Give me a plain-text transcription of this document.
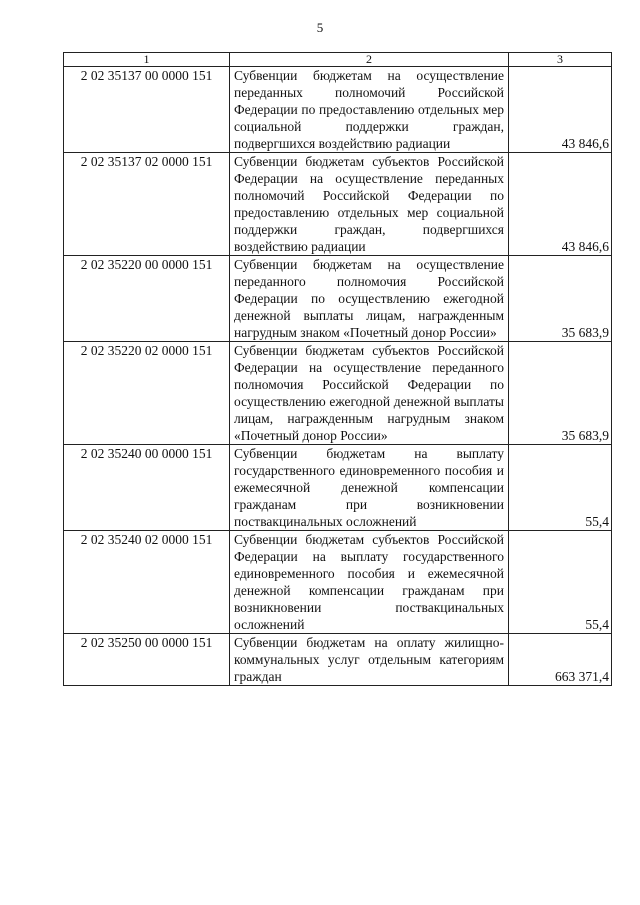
5
1	2	3
2 02 35137 00 0000 151	Субвенции бюджетам на осуществление переданных полномочий Российской Федерации по предоставлению отдельных мер социальной поддержки граждан, подвергшихся воздействию радиации	43 846,6
2 02 35137 02 0000 151	Субвенции бюджетам субъектов Российской Федерации на осуществление переданных полномочий Российской Федерации по предоставлению отдельных мер социальной поддержки граждан, подвергшихся воздействию радиации	43 846,6
2 02 35220 00 0000 151	Субвенции бюджетам на осуществление переданного полномочия Российской Федерации по осуществлению ежегодной денежной выплаты лицам, награжденным нагрудным знаком «Почетный донор России»	35 683,9
2 02 35220 02 0000 151	Субвенции бюджетам субъектов Российской Федерации на осуществление переданного полномочия Российской Федерации по осуществлению ежегодной денежной выплаты лицам, награжденным нагрудным знаком «Почетный донор России»	35 683,9
2 02 35240 00 0000 151	Субвенции бюджетам на выплату государственного единовременного пособия и ежемесячной денежной компенсации гражданам при возникновении поствакцинальных осложнений	55,4
2 02 35240 02 0000 151	Субвенции бюджетам субъектов Российской Федерации на выплату государственного единовременного пособия и ежемесячной денежной компенсации гражданам при возникновении поствакцинальных осложнений	55,4
2 02 35250 00 0000 151	Субвенции бюджетам на оплату жилищно-коммунальных услуг отдельным категориям граждан	663 371,4
